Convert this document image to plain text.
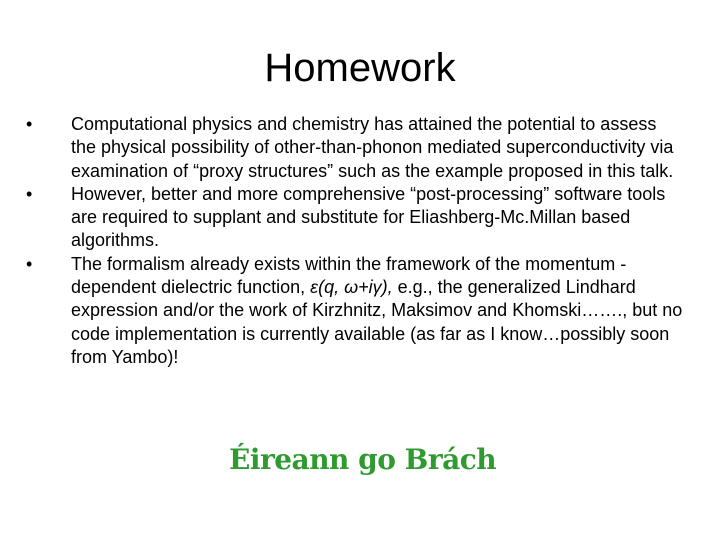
Homework
• Computational physics and chemistry has attained the potential to assess the physical possibility of other-than-phonon mediated superconductivity via examination of “proxy structures” such as the example proposed in this talk.
• However, better and more comprehensive “post-processing” software tools are required to supplant and substitute for Eliashberg-Mc.Millan based algorithms.
• The formalism already exists within the framework of the momentum -dependent dielectric function, ε(q, ω+iγ), e.g., the generalized Lindhard expression and/or the work of Kirzhnitz, Maksimov and Khomski……., but no code implementation is currently available (as far as I know…possibly soon from Yambo)!
Éireann go Brách
